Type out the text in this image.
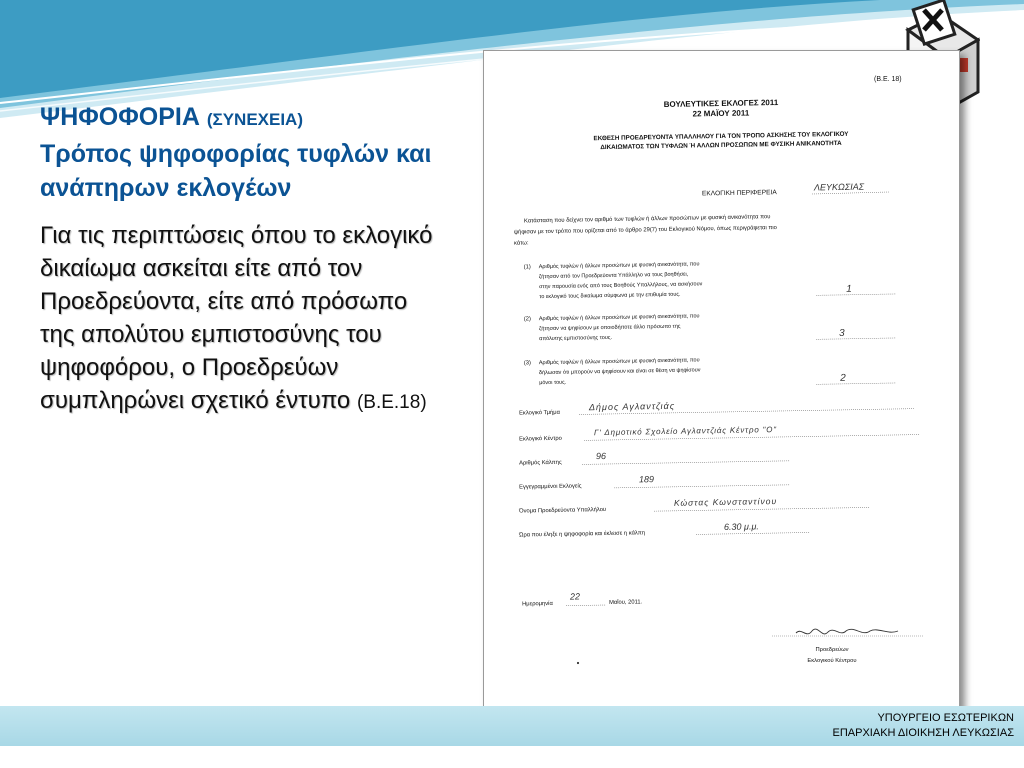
ΨΗΦΟΦΟΡΙΑ (ΣΥΝΕΧΕΙΑ)
Τρόπος ψηφοφορίας τυφλών και ανάπηρων εκλογέων

Για τις περιπτώσεις όπου το εκλογικό δικαίωμα ασκείται είτε από τον Προεδρεύοντα, είτε από πρόσωπο της απολύτου εμπιστοσύνης του ψηφοφόρου, ο Προεδρεύων συμπληρώνει σχετικό έντυπο (Β.Ε.18)
(Β.Ε. 18)
ΒΟΥΛΕΥΤΙΚΕΣ ΕΚΛΟΓΕΣ 2011
22 ΜΑΪΟΥ 2011
ΕΚΘΕΣΗ ΠΡΟΕΔΡΕΥΟΝΤΑ ΥΠΑΛΛΗΛΟΥ ΓΙΑ ΤΟΝ ΤΡΟΠΟ ΑΣΚΗΣΗΣ ΤΟΥ ΕΚΛΟΓΙΚΟΥ
ΔΙΚΑΙΩΜΑΤΟΣ ΤΩΝ ΤΥΦΛΩΝ Ή ΑΛΛΩΝ ΠΡΟΣΩΠΩΝ ΜΕ ΦΥΣΙΚΗ ΑΝΙΚΑΝΟΤΗΤΑ
ΕΚΛΟΓΙΚΗ ΠΕΡΙΦΕΡΕΙΑ
ΛΕΥΚΩΣΙΑΣ
Κατάσταση που δείχνει τον αριθμό των τυφλών ή άλλων προσώπων με φυσική ανικανότητα που
ψήφισαν με τον τρόπο που ορίζεται από το άρθρο 29(7) του Εκλογικού Νόμου, όπως περιγράφεται πιο
κάτω:
(1) Αριθμός τυφλών ή άλλων προσώπων με φυσική ανικανότητα, που
ζήτησαν από τον Προεδρεύοντα Υπάλληλο να τους βοηθήσει,
στην παρουσία ενός από τους Βοηθούς Υπαλλήλους, να ασκήσουν
το εκλογικό τους δικαίωμα σύμφωνα με την επιθυμία τους.
1
(2) Αριθμός τυφλών ή άλλων προσώπων με φυσική ανικανότητα, που
ζήτησαν να ψηφίσουν με οποιοδήποτε άλλο πρόσωπο της
απόλυτης εμπιστοσύνης τους.	3
(3) Αριθμός τυφλών ή άλλων προσώπων με φυσική ανικανότητα, που
δήλωσαν ότι μπορούν να ψηφίσουν και είναι σε θέση να ψηφίσουν
μόνοι τους.	2
Εκλογικό Τμήμα
Δήμος Αγλαντζιάς
Εκλογικό Κέντρο
Γ' Δημοτικό Σχολείο Αγλαντζιάς Κέντρο "Ο"
Αριθμός Κάλπης
96
Εγγεγραμμένοι Εκλογείς
189
Όνομα Προεδρεύοντα Υπαλλήλου
Κώστας Κωνσταντίνου
Ώρα που έληξε η ψηφοφορία και έκλεισε η κάλπη
6.30 μ.μ.
Ημερομηνία
22
Μαΐου, 2011.
Προεδρεύων
Εκλογικού Κέντρου
ΥΠΟΥΡΓΕΙΟ ΕΣΩΤΕΡΙΚΩΝ
ΕΠΑΡΧΙΑΚΗ ΔΙΟΙΚΗΣΗ ΛΕΥΚΩΣΙΑΣ
